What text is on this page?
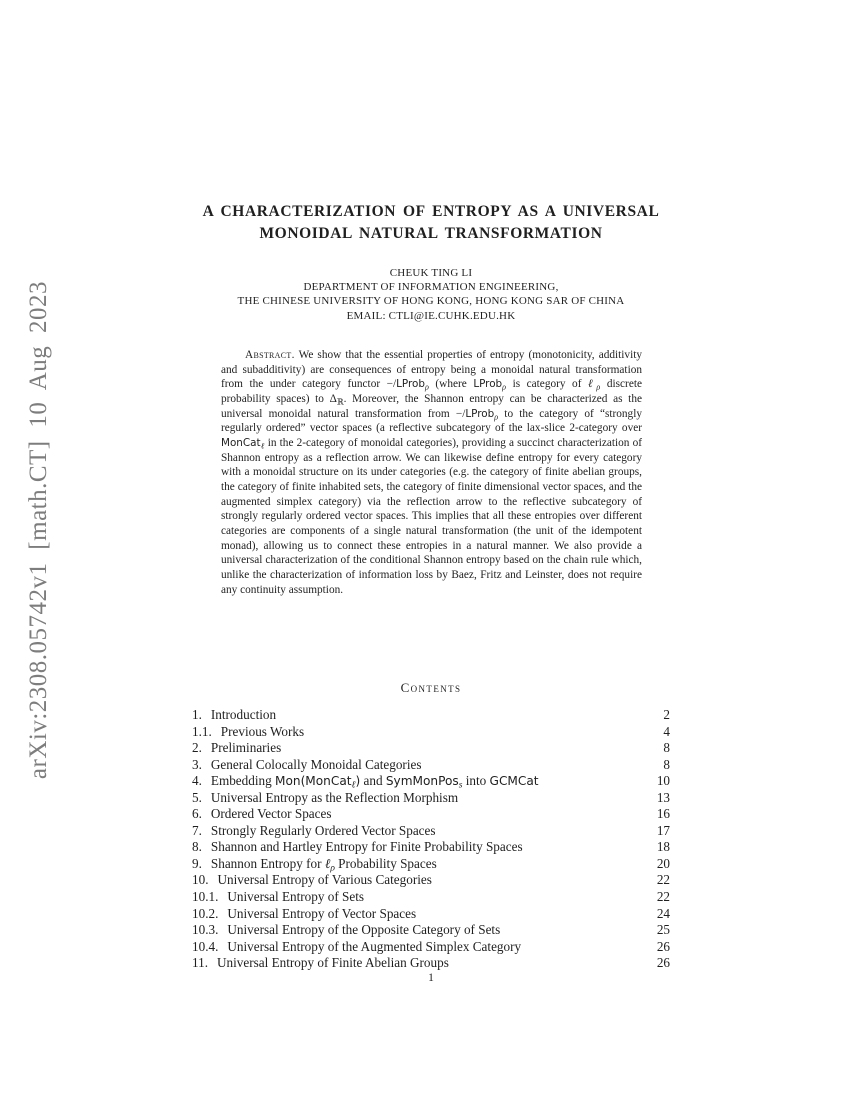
arXiv:2308.05742v1 [math.CT] 10 Aug 2023
A CHARACTERIZATION OF ENTROPY AS A UNIVERSAL
MONOIDAL NATURAL TRANSFORMATION
CHEUK TING LI
DEPARTMENT OF INFORMATION ENGINEERING,
THE CHINESE UNIVERSITY OF HONG KONG, HONG KONG SAR OF CHINA
EMAIL: CTLI@IE.CUHK.EDU.HK

Abstract. We show that the essential properties of entropy (monotonicity, additivity and subadditivity) are consequences of entropy being a monoidal natural transformation from the under category functor −/LProb$_\rho$ (where LProb$_\rho$ is category of ℓ$_\rho$ discrete probability spaces) to $\Delta_ℝ$. Moreover, the Shannon entropy can be characterized as the universal monoidal natural transformation from −/LProb$_\rho$ to the category of “strongly regularly ordered” vector spaces (a reflective subcategory of the lax-slice 2-category over MonCat$_\ell$ in the 2-category of monoidal categories), providing a succinct characterization of Shannon entropy as a reflection arrow. We can likewise define entropy for every category with a monoidal structure on its under categories (e.g. the category of finite abelian groups, the category of finite inhabited sets, the category of finite dimensional vector spaces, and the augmented simplex category) via the reflection arrow to the reflective subcategory of strongly regularly ordered vector spaces. This implies that all these entropies over different categories are components of a single natural transformation (the unit of the idempotent monad), allowing us to connect these entropies in a natural manner. We also provide a universal characterization of the conditional Shannon entropy based on the chain rule which, unlike the characterization of information loss by Baez, Fritz and Leinster, does not require any continuity assumption.

Contents
1. Introduction	2
1.1. Previous Works	4
2. Preliminaries	8
3. General Colocally Monoidal Categories	8
4. Embedding Mon(MonCat$_\ell$) and SymMonPos$_s$ into GCMCat	10
5. Universal Entropy as the Reflection Morphism	13
6. Ordered Vector Spaces	16
7. Strongly Regularly Ordered Vector Spaces	17
8. Shannon and Hartley Entropy for Finite Probability Spaces	18
9. Shannon Entropy for ℓ$_\rho$ Probability Spaces	20
10. Universal Entropy of Various Categories	22
10.1. Universal Entropy of Sets	22
10.2. Universal Entropy of Vector Spaces	24
10.3. Universal Entropy of the Opposite Category of Sets	25
10.4. Universal Entropy of the Augmented Simplex Category	26
11. Universal Entropy of Finite Abelian Groups	26
1
